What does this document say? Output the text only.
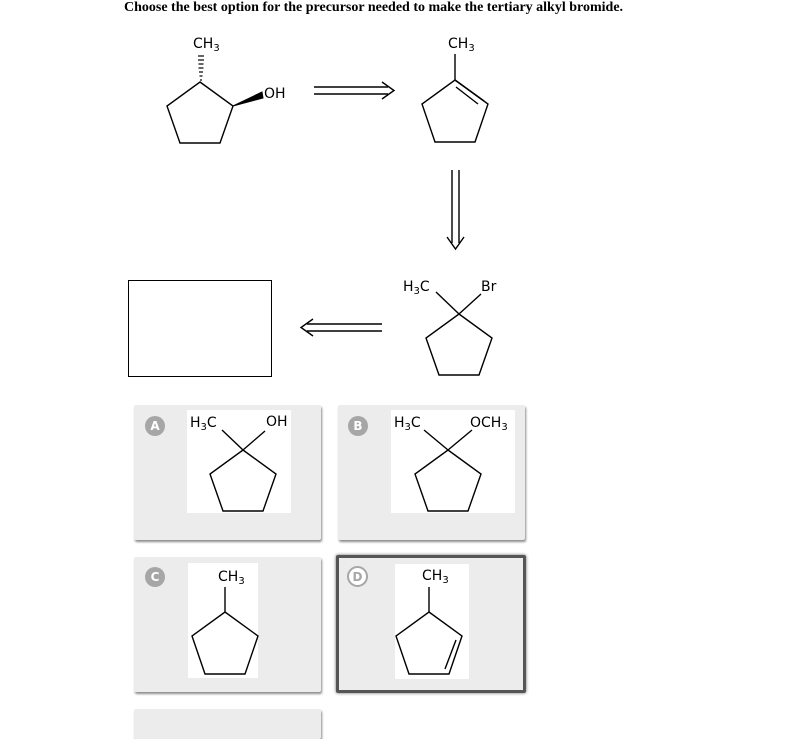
Choose the best option for the precursor needed to make the tertiary alkyl bromide.
A	B
C	D
$CH_3$
OH
$CH_3$
$H_3C$	Br
$H_3C$	OH	$H_3C$	$OCH_3$
$CH_3$	$CH_3$
